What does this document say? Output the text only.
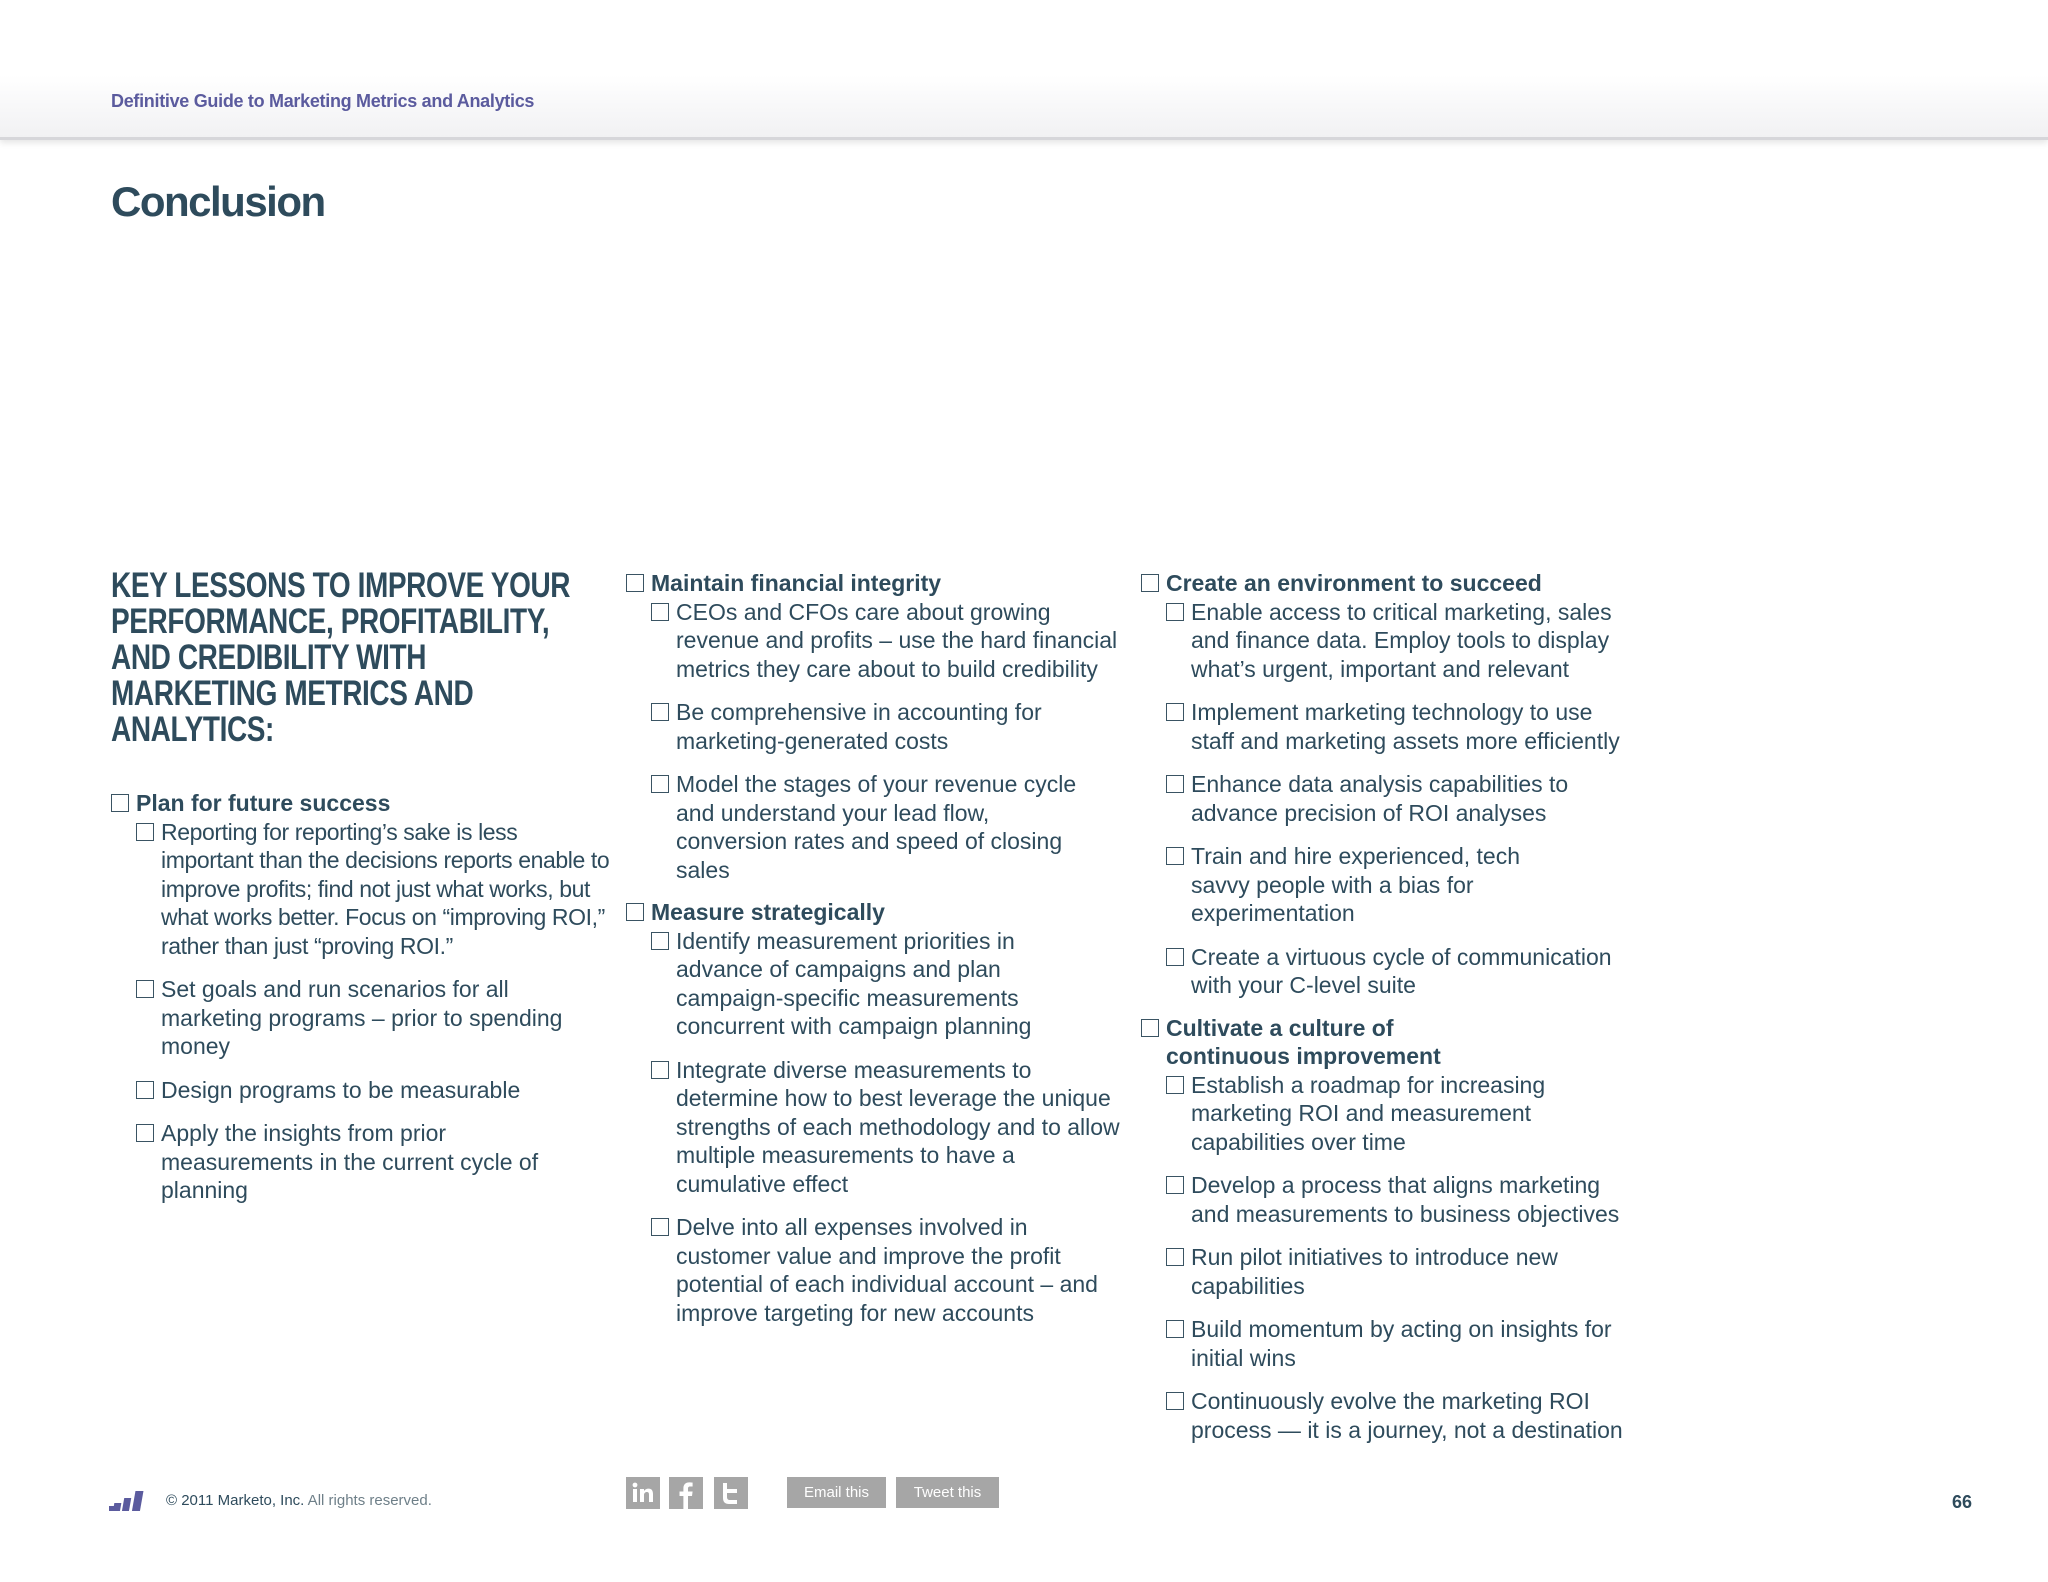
Definitive Guide to Marketing Metrics and Analytics
Conclusion
KEY LESSONS TO IMPROVE YOUR PERFORMANCE, PROFITABILITY, AND CREDIBILITY WITH MARKETING METRICS AND ANALYTICS:
Plan for future success
Reporting for reporting’s sake is less important than the decisions reports enable to improve profits; find not just what works, but what works better. Focus on “improving ROI,” rather than just “proving ROI.”
Set goals and run scenarios for all marketing programs – prior to spending money
Design programs to be measurable
Apply the insights from prior measurements in the current cycle of planning
Maintain financial integrity
CEOs and CFOs care about growing revenue and profits – use the hard financial metrics they care about to build credibility
Be comprehensive in accounting for marketing-generated costs
Model the stages of your revenue cycle and understand your lead flow, conversion rates and speed of closing sales
Measure strategically
Identify measurement priorities in advance of campaigns and plan campaign-specific measurements concurrent with campaign planning
Integrate diverse measurements to determine how to best leverage the unique strengths of each methodology and to allow multiple measurements to have a cumulative effect
Delve into all expenses involved in customer value and improve the profit potential of each individual account – and improve targeting for new accounts
Create an environment to succeed
Enable access to critical marketing, sales and finance data. Employ tools to display what’s urgent, important and relevant
Implement marketing technology to use staff and marketing assets more efficiently
Enhance data analysis capabilities to advance precision of ROI analyses
Train and hire experienced, tech savvy people with a bias for experimentation
Create a virtuous cycle of communication with your C-level suite
Cultivate a culture of continuous improvement
Establish a roadmap for increasing marketing ROI and measurement capabilities over time
Develop a process that aligns marketing and measurements to business objectives
Run pilot initiatives to introduce new capabilities
Build momentum by acting on insights for initial wins
Continuously evolve the marketing ROI process — it is a journey, not a destination
© 2011 Marketo, Inc. All rights reserved.	Email this	Tweet this	66
